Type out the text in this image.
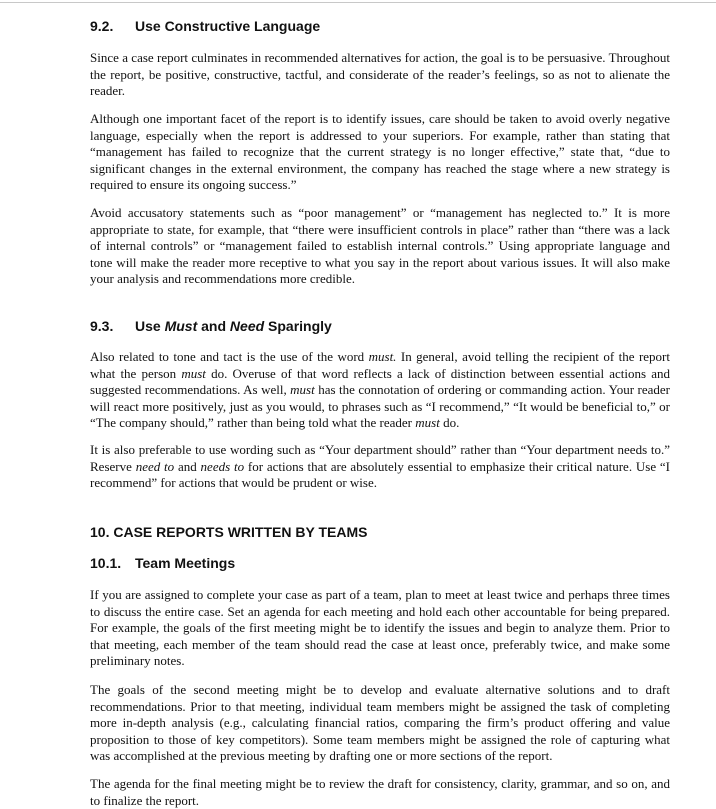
9.2. Use Constructive Language

Since a case report culminates in recommended alternatives for action, the goal is to be persuasive. Throughout the report, be positive, constructive, tactful, and considerate of the reader’s feelings, so as not to alienate the reader.

Although one important facet of the report is to identify issues, care should be taken to avoid overly negative language, especially when the report is addressed to your superiors. For example, rather than stating that “management has failed to recognize that the current strategy is no longer effective,” state that, “due to significant changes in the external environment, the company has reached the stage where a new strategy is required to ensure its ongoing success.”

Avoid accusatory statements such as “poor management” or “management has neglected to.” It is more appropriate to state, for example, that “there were insufficient controls in place” rather than “there was a lack of internal controls” or “management failed to establish internal controls.” Using appropriate language and tone will make the reader more receptive to what you say in the report about various issues. It will also make your analysis and recommendations more credible.

9.3. Use Must and Need Sparingly

Also related to tone and tact is the use of the word must. In general, avoid telling the recipient of the report what the person must do. Overuse of that word reflects a lack of distinction between essential actions and suggested recommendations. As well, must has the connotation of ordering or commanding action. Your reader will react more positively, just as you would, to phrases such as “I recommend,” “It would be beneficial to,” or “The company should,” rather than being told what the reader must do.

It is also preferable to use wording such as “Your department should” rather than “Your department needs to.” Reserve need to and needs to for actions that are absolutely essential to emphasize their critical nature. Use “I recommend” for actions that would be prudent or wise.

10. CASE REPORTS WRITTEN BY TEAMS
10.1. Team Meetings

If you are assigned to complete your case as part of a team, plan to meet at least twice and perhaps three times to discuss the entire case. Set an agenda for each meeting and hold each other accountable for being prepared. For example, the goals of the first meeting might be to identify the issues and begin to analyze them. Prior to that meeting, each member of the team should read the case at least once, preferably twice, and make some preliminary notes.

The goals of the second meeting might be to develop and evaluate alternative solutions and to draft recommendations. Prior to that meeting, individual team members might be assigned the task of completing more in-depth analysis (e.g., calculating financial ratios, comparing the firm’s product offering and value proposition to those of key competitors). Some team members might be assigned the role of capturing what was accomplished at the previous meeting by drafting one or more sections of the report.

The agenda for the final meeting might be to review the draft for consistency, clarity, grammar, and so on, and to finalize the report.
